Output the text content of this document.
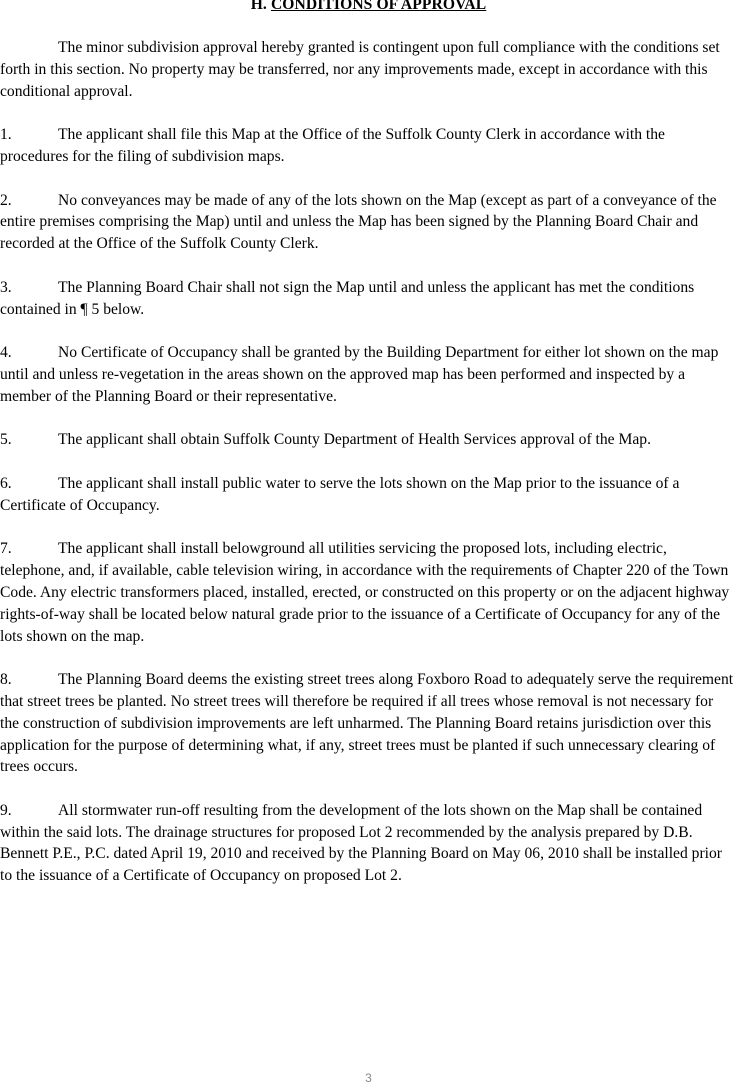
H. CONDITIONS OF APPROVAL

The minor subdivision approval hereby granted is contingent upon full compliance with the conditions set forth in this section. No property may be transferred, nor any improvements made, except in accordance with this conditional approval.

1.	The applicant shall file this Map at the Office of the Suffolk County Clerk in accordance with the procedures for the filing of subdivision maps.

2.	No conveyances may be made of any of the lots shown on the Map (except as part of a conveyance of the entire premises comprising the Map) until and unless the Map has been signed by the Planning Board Chair and recorded at the Office of the Suffolk County Clerk.

3.	The Planning Board Chair shall not sign the Map until and unless the applicant has met the conditions contained in ¶ 5 below.

4.	No Certificate of Occupancy shall be granted by the Building Department for either lot shown on the map until and unless re-vegetation in the areas shown on the approved map has been performed and inspected by a member of the Planning Board or their representative.

5.	The applicant shall obtain Suffolk County Department of Health Services approval of the Map.

6.	The applicant shall install public water to serve the lots shown on the Map prior to the issuance of a Certificate of Occupancy.

7.	The applicant shall install belowground all utilities servicing the proposed lots, including electric, telephone, and, if available, cable television wiring, in accordance with the requirements of Chapter 220 of the Town Code. Any electric transformers placed, installed, erected, or constructed on this property or on the adjacent highway rights-of-way shall be located below natural grade prior to the issuance of a Certificate of Occupancy for any of the lots shown on the map.

8.	The Planning Board deems the existing street trees along Foxboro Road to adequately serve the requirement that street trees be planted. No street trees will therefore be required if all trees whose removal is not necessary for the construction of subdivision improvements are left unharmed. The Planning Board retains jurisdiction over this application for the purpose of determining what, if any, street trees must be planted if such unnecessary clearing of trees occurs.

9.	All stormwater run-off resulting from the development of the lots shown on the Map shall be contained within the said lots. The drainage structures for proposed Lot 2 recommended by the analysis prepared by D.B. Bennett P.E., P.C. dated April 19, 2010 and received by the Planning Board on May 06, 2010 shall be installed prior to the issuance of a Certificate of Occupancy on proposed Lot 2.

3
